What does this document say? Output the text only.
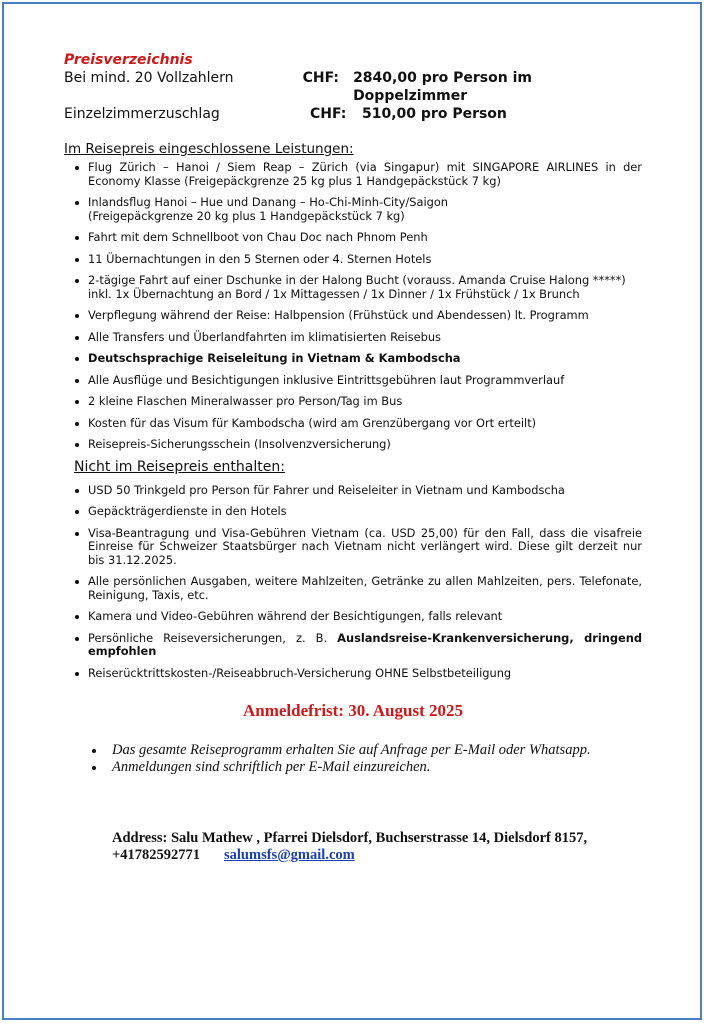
Preisverzeichnis
Bei mind. 20 Vollzahlern	CHF:	2840,00 pro Person im Doppelzimmer
Einzelzimmerzuschlag	CHF:	510,00 pro Person
Im Reisepreis eingeschlossene Leistungen:
Flug Zürich – Hanoi / Siem Reap – Zürich (via Singapur) mit SINGAPORE AIRLINES in der Economy Klasse (Freigepäckgrenze 25 kg plus 1 Handgepäckstück 7 kg)
Inlandsflug Hanoi – Hue und Danang – Ho-Chi-Minh-City/Saigon
(Freigepäckgrenze 20 kg plus 1 Handgepäckstück 7 kg)
Fahrt mit dem Schnellboot von Chau Doc nach Phnom Penh
11 Übernachtungen in den 5 Sternen oder 4. Sternen Hotels
2-tägige Fahrt auf einer Dschunke in der Halong Bucht (vorauss. Amanda Cruise Halong *****)
inkl. 1x Übernachtung an Bord / 1x Mittagessen / 1x Dinner / 1x Frühstück / 1x Brunch
Verpflegung während der Reise: Halbpension (Frühstück und Abendessen) lt. Programm
Alle Transfers und Überlandfahrten im klimatisierten Reisebus
Deutschsprachige Reiseleitung in Vietnam & Kambodscha
Alle Ausflüge und Besichtigungen inklusive Eintrittsgebühren laut Programmverlauf
2 kleine Flaschen Mineralwasser pro Person/Tag im Bus
Kosten für das Visum für Kambodscha (wird am Grenzübergang vor Ort erteilt)
Reisepreis-Sicherungsschein (Insolvenzversicherung)
Nicht im Reisepreis enthalten:
USD 50 Trinkgeld pro Person für Fahrer und Reiseleiter in Vietnam und Kambodscha
Gepäckträgerdienste in den Hotels
Visa-Beantragung und Visa-Gebühren Vietnam (ca. USD 25,00) für den Fall, dass die visafreie Einreise für Schweizer Staatsbürger nach Vietnam nicht verlängert wird. Diese gilt derzeit nur bis 31.12.2025.
Alle persönlichen Ausgaben, weitere Mahlzeiten, Getränke zu allen Mahlzeiten, pers. Telefonate, Reinigung, Taxis, etc.
Kamera und Video-Gebühren während der Besichtigungen, falls relevant
Persönliche Reiseversicherungen, z. B. Auslandsreise-Krankenversicherung, dringend empfohlen
Reiserücktrittskosten-/Reiseabbruch-Versicherung OHNE Selbstbeteiligung
Anmeldefrist: 30. August 2025
Das gesamte Reiseprogramm erhalten Sie auf Anfrage per E-Mail oder Whatsapp.
Anmeldungen sind schriftlich per E-Mail einzureichen.
Address: Salu Mathew , Pfarrei Dielsdorf, Buchserstrasse 14, Dielsdorf 8157,
+41782592771 salumsfs@gmail.com
